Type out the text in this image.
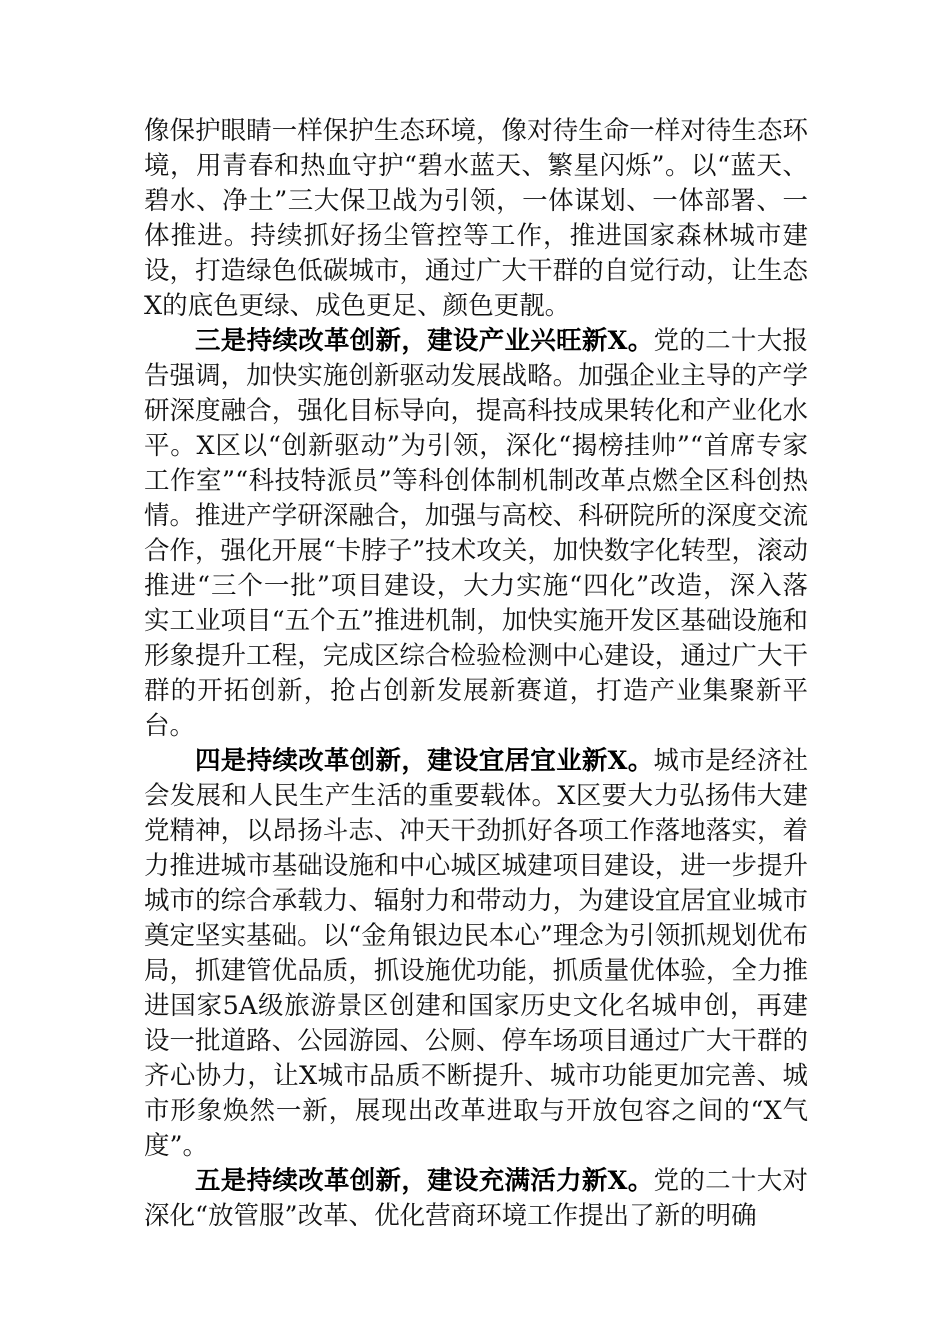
像保护眼睛一样保护生态环境，像对待生命一样对待生态环境，用青春和热血守护“碧水蓝天、繁星闪烁”。以“蓝天、碧水、净土”三大保卫战为引领，一体谋划、一体部署、一体推进。持续抓好扬尘管控等工作，推进国家森林城市建设，打造绿色低碳城市，通过广大干群的自觉行动，让生态X的底色更绿、成色更足、颜色更靓。

三是持续改革创新，建设产业兴旺新X。党的二十大报告强调，加快实施创新驱动发展战略。加强企业主导的产学研深度融合，强化目标导向，提高科技成果转化和产业化水平。X区以“创新驱动”为引领，深化“揭榜挂帅”“首席专家工作室”“科技特派员”等科创体制机制改革点燃全区科创热情。推进产学研深融合，加强与高校、科研院所的深度交流合作，强化开展“卡脖子”技术攻关，加快数字化转型，滚动推进“三个一批”项目建设，大力实施“四化”改造，深入落实工业项目“五个五”推进机制，加快实施开发区基础设施和形象提升工程，完成区综合检验检测中心建设，通过广大干群的开拓创新，抢占创新发展新赛道，打造产业集聚新平台。

四是持续改革创新，建设宜居宜业新X。城市是经济社会发展和人民生产生活的重要载体。X区要大力弘扬伟大建党精神，以昂扬斗志、冲天干劲抓好各项工作落地落实，着力推进城市基础设施和中心城区城建项目建设，进一步提升城市的综合承载力、辐射力和带动力，为建设宜居宜业城市奠定坚实基础。以“金角银边民本心”理念为引领抓规划优布局，抓建管优品质，抓设施优功能，抓质量优体验，全力推进国家5A级旅游景区创建和国家历史文化名城申创，再建设一批道路、公园游园、公厕、停车场项目通过广大干群的齐心协力，让X城市品质不断提升、城市功能更加完善、城市形象焕然一新，展现出改革进取与开放包容之间的“X气度”。

五是持续改革创新，建设充满活力新X。党的二十大对深化“放管服”改革、优化营商环境工作提出了新的明确
